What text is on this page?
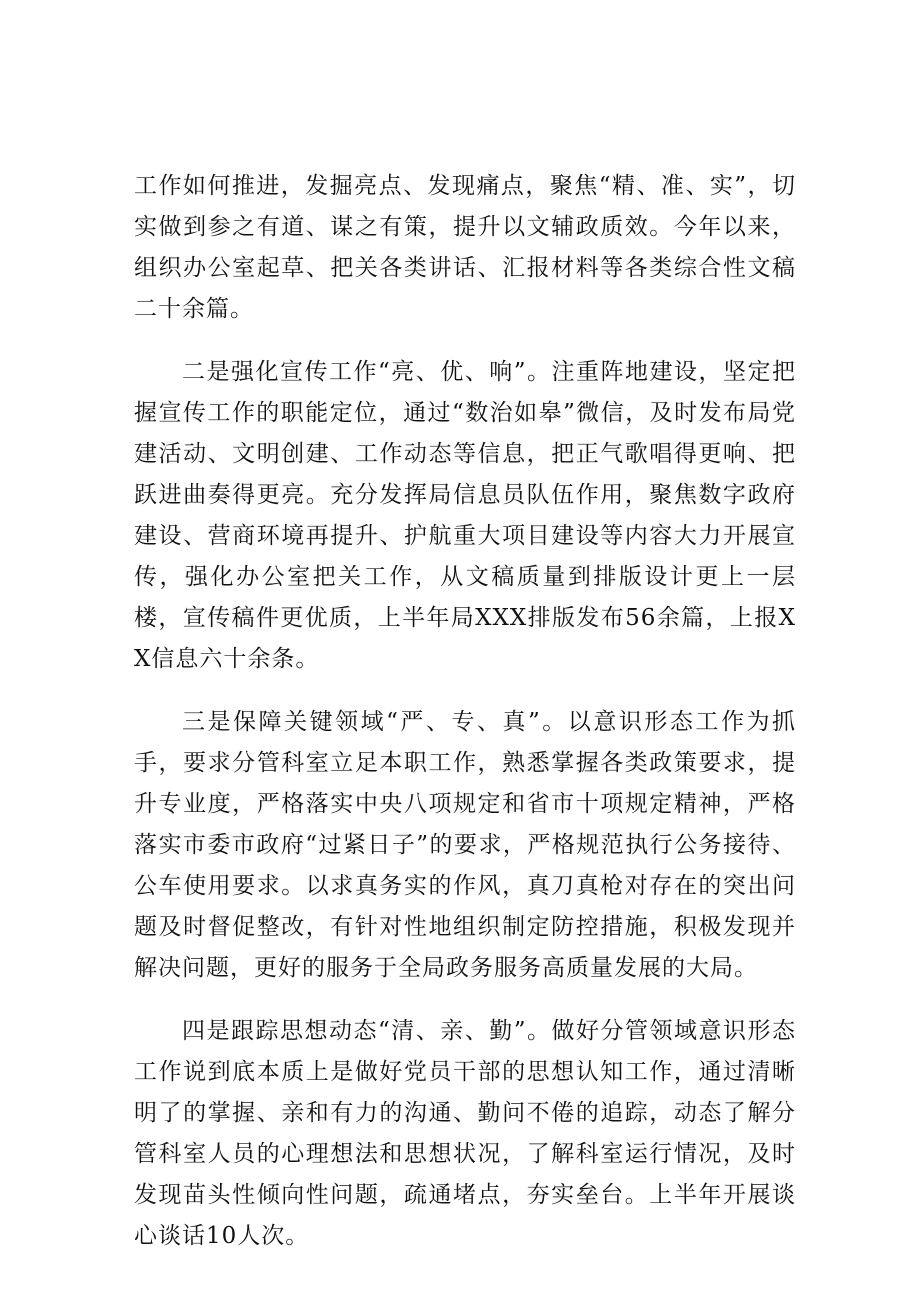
工作如何推进，发掘亮点、发现痛点，聚焦“精、准、实”，切实做到参之有道、谋之有策，提升以文辅政质效。今年以来，组织办公室起草、把关各类讲话、汇报材料等各类综合性文稿二十余篇。

二是强化宣传工作“亮、优、响”。注重阵地建设，坚定把握宣传工作的职能定位，通过“数治如皋”微信，及时发布局党建活动、文明创建、工作动态等信息，把正气歌唱得更响、把跃进曲奏得更亮。充分发挥局信息员队伍作用，聚焦数字政府建设、营商环境再提升、护航重大项目建设等内容大力开展宣传，强化办公室把关工作，从文稿质量到排版设计更上一层楼，宣传稿件更优质，上半年局XXX排版发布56余篇，上报XX信息六十余条。

三是保障关键领域“严、专、真”。以意识形态工作为抓手，要求分管科室立足本职工作，熟悉掌握各类政策要求，提升专业度，严格落实中央八项规定和省市十项规定精神，严格落实市委市政府“过紧日子”的要求，严格规范执行公务接待、公车使用要求。以求真务实的作风，真刀真枪对存在的突出问题及时督促整改，有针对性地组织制定防控措施，积极发现并解决问题，更好的服务于全局政务服务高质量发展的大局。

四是跟踪思想动态“清、亲、勤”。做好分管领域意识形态工作说到底本质上是做好党员干部的思想认知工作，通过清晰明了的掌握、亲和有力的沟通、勤问不倦的追踪，动态了解分管科室人员的心理想法和思想状况，了解科室运行情况，及时发现苗头性倾向性问题，疏通堵点，夯实垒台。上半年开展谈心谈话10人次。
